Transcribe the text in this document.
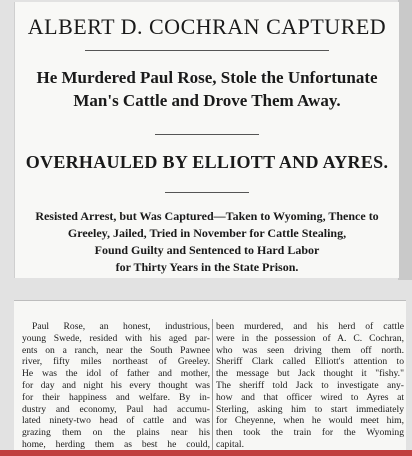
ALBERT D. COCHRAN CAPTURED
He Murdered Paul Rose, Stole the Unfortunate
Man's Cattle and Drove Them Away.
OVERHAULED BY ELLIOTT AND AYRES.

Resisted Arrest, but Was Captured—Taken to Wyoming, Thence to

Greeley, Jailed, Tried in November for Cattle Stealing,

Found Guilty and Sentenced to Hard Labor

for Thirty Years in the State Prison.

Paul Rose, an honest, industrious,

young Swede, resided with his aged par-

ents on a ranch, near the South Pawnee

river, fifty miles northeast of Greeley.

He was the idol of father and mother,

for day and night his every thought was

for their happiness and welfare. By in-

dustry and economy, Paul had accumu-

lated ninety-two head of cattle and was

grazing them on the plains near his

home, herding them as best he could,

been murdered, and his herd of cattle

were in the possession of A. C. Cochran,

who was seen driving them off north.

Sheriff Clark called Elliott's attention to

the message but Jack thought it "fishy."

The sheriff told Jack to investigate any-

how and that officer wired to Ayres at

Sterling, asking him to start immediately

for Cheyenne, when he would meet him,

then took the train for the Wyoming

capital.
